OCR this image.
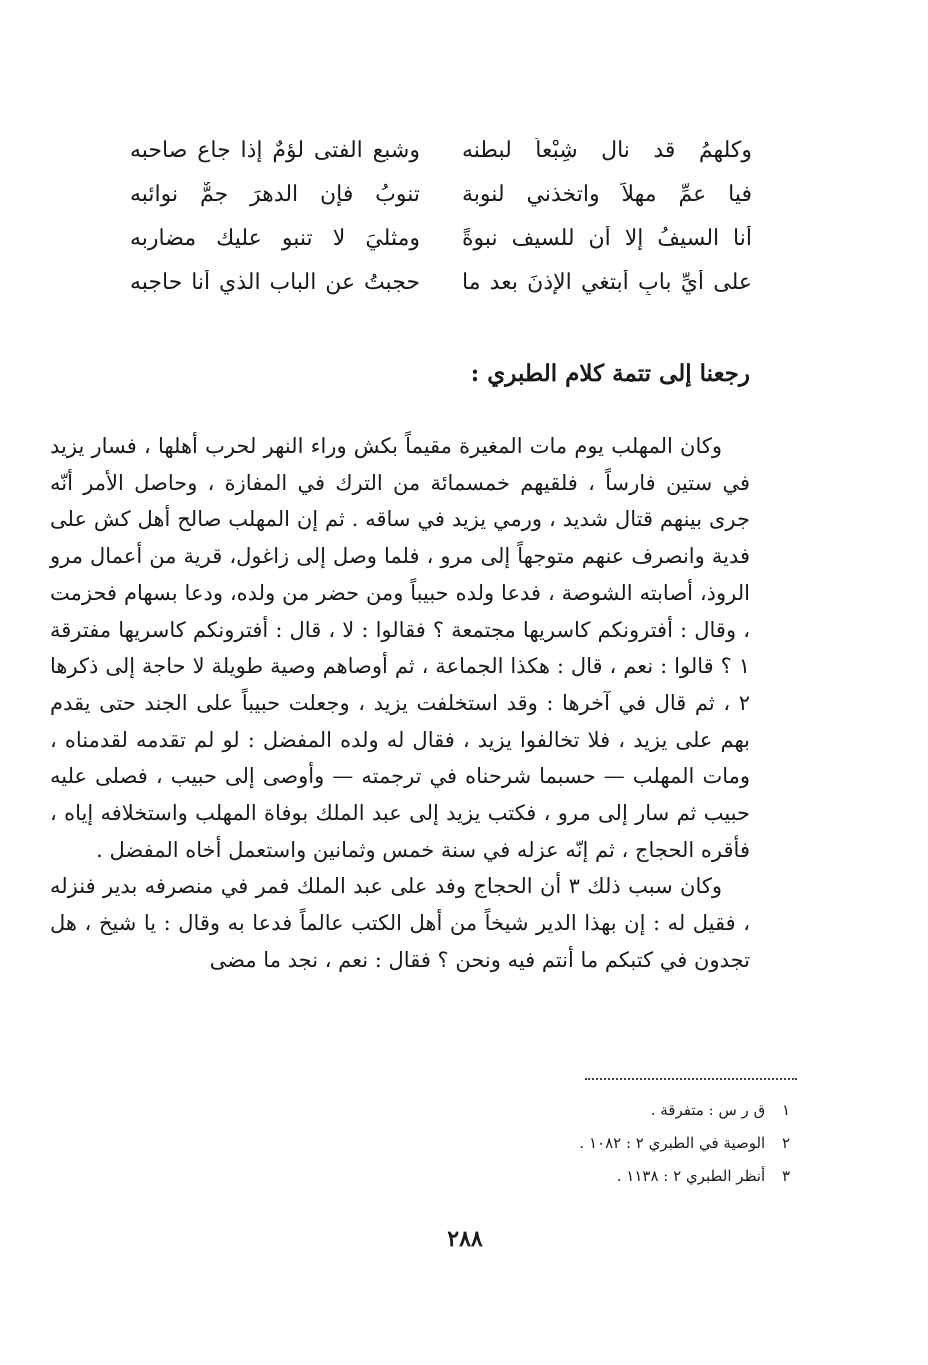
وكلهمُ قد نال شِبْعاً لبطنه
وشبع الفتى لؤمٌ إذا جاع صاحبه
فيا عمِّ مهلاً واتخذني لنوبة
تنوبُ فإن الدهرَ جمٌّ نوائبه
أنا السيفُ إلا أن للسيف نبوةً
ومثليَ لا تنبو عليك مضاربه
على أيِّ بابٍ أبتغي الإذنَ بعد ما
حجبتُ عن الباب الذي أنا حاجبه
رجعنا إلى تتمة كلام الطبري :

وكان المهلب يوم مات المغيرة مقيماً بكش وراء النهر لحرب أهلها ، فسار يزيد في ستين فارساً ، فلقيهم خمسمائة من الترك في المفازة ، وحاصل الأمر أنّه جرى بينهم قتال شديد ، ورمي يزيد في ساقه . ثم إن المهلب صالح أهل كش على فدية وانصرف عنهم متوجهاً إلى مرو ، فلما وصل إلى زاغول، قرية من أعمال مرو الروذ، أصابته الشوصة ، فدعا ولده حبيباً ومن حضر من ولده، ودعا بسهام فحزمت ، وقال : أفترونكم كاسريها مجتمعة ؟ فقالوا : لا ، قال : أفترونكم كاسريها مفترقة ١ ؟ قالوا : نعم ، قال : هكذا الجماعة ، ثم أوصاهم وصية طويلة لا حاجة إلى ذكرها ٢ ، ثم قال في آخرها : وقد استخلفت يزيد ، وجعلت حبيباً على الجند حتى يقدم بهم على يزيد ، فلا تخالفوا يزيد ، فقال له ولده المفضل : لو لم تقدمه لقدمناه ، ومات المهلب — حسبما شرحناه في ترجمته — وأوصى إلى حبيب ، فصلى عليه حبيب ثم سار إلى مرو ، فكتب يزيد إلى عبد الملك بوفاة المهلب واستخلافه إياه ، فأقره الحجاج ، ثم إنّه عزله في سنة خمس وثمانين واستعمل أخاه المفضل .

وكان سبب ذلك ٣ أن الحجاج وفد على عبد الملك فمر في منصرفه بدير فنزله ، فقيل له : إن بهذا الدير شيخاً من أهل الكتب عالماً فدعا به وقال : يا شيخ ، هل تجدون في كتبكم ما أنتم فيه ونحن ؟ فقال : نعم ، نجد ما مضى

١ ق ر س : متفرقة .
٢ الوصية في الطبري ٢ : ١٠٨٢ .
٣ أنظر الطبري ٢ : ١١٣٨ .
٢٨٨
